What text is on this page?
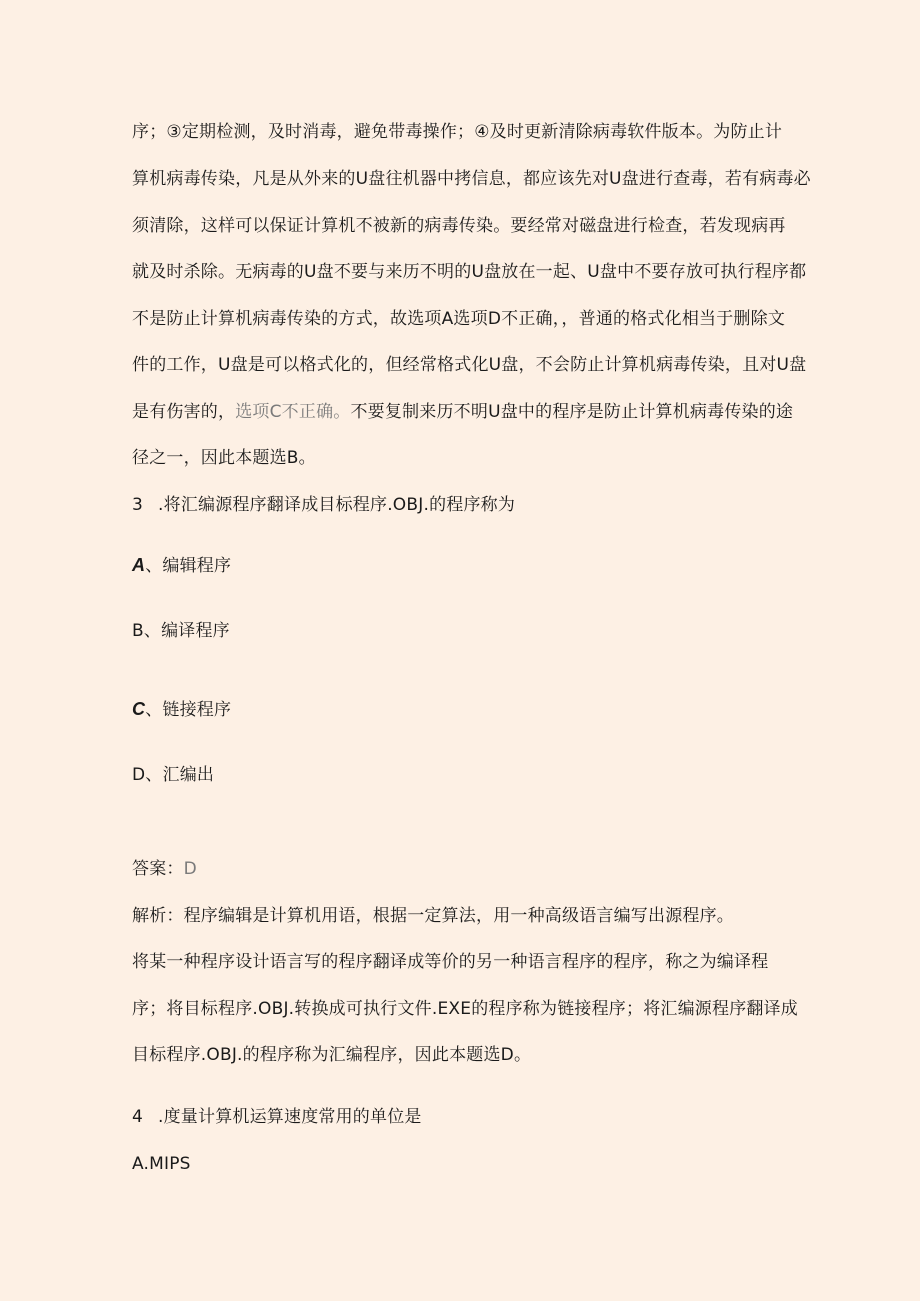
序；③定期检测，及时消毒，避免带毒操作；④及时更新清除病毒软件版本。为防止计
算机病毒传染，凡是从外来的U盘往机器中拷信息，都应该先对U盘进行查毒，若有病毒必
须清除，这样可以保证计算机不被新的病毒传染。要经常对磁盘进行检查，若发现病再
就及时杀除。无病毒的U盘不要与来历不明的U盘放在一起、U盘中不要存放可执行程序都
不是防止计算机病毒传染的方式，故选项A选项D不正确，，普通的格式化相当于删除文
件的工作，U盘是可以格式化的，但经常格式化U盘，不会防止计算机病毒传染，且对U盘
是有伤害的，选项C不正确。不要复制来历不明U盘中的程序是防止计算机病毒传染的途
径之一，因此本题选B。
3 .将汇编源程序翻译成目标程序.OBJ.的程序称为
A、编辑程序
B、编译程序
C、链接程序
D、汇编出
答案：D
解析：程序编辑是计算机用语，根据一定算法，用一种高级语言编写出源程序。
将某一种程序设计语言写的程序翻译成等价的另一种语言程序的程序，称之为编译程
序；将目标程序.OBJ.转换成可执行文件.EXE的程序称为链接程序；将汇编源程序翻译成
目标程序.OBJ.的程序称为汇编程序，因此本题选D。
4 .度量计算机运算速度常用的单位是
A.MIPS
